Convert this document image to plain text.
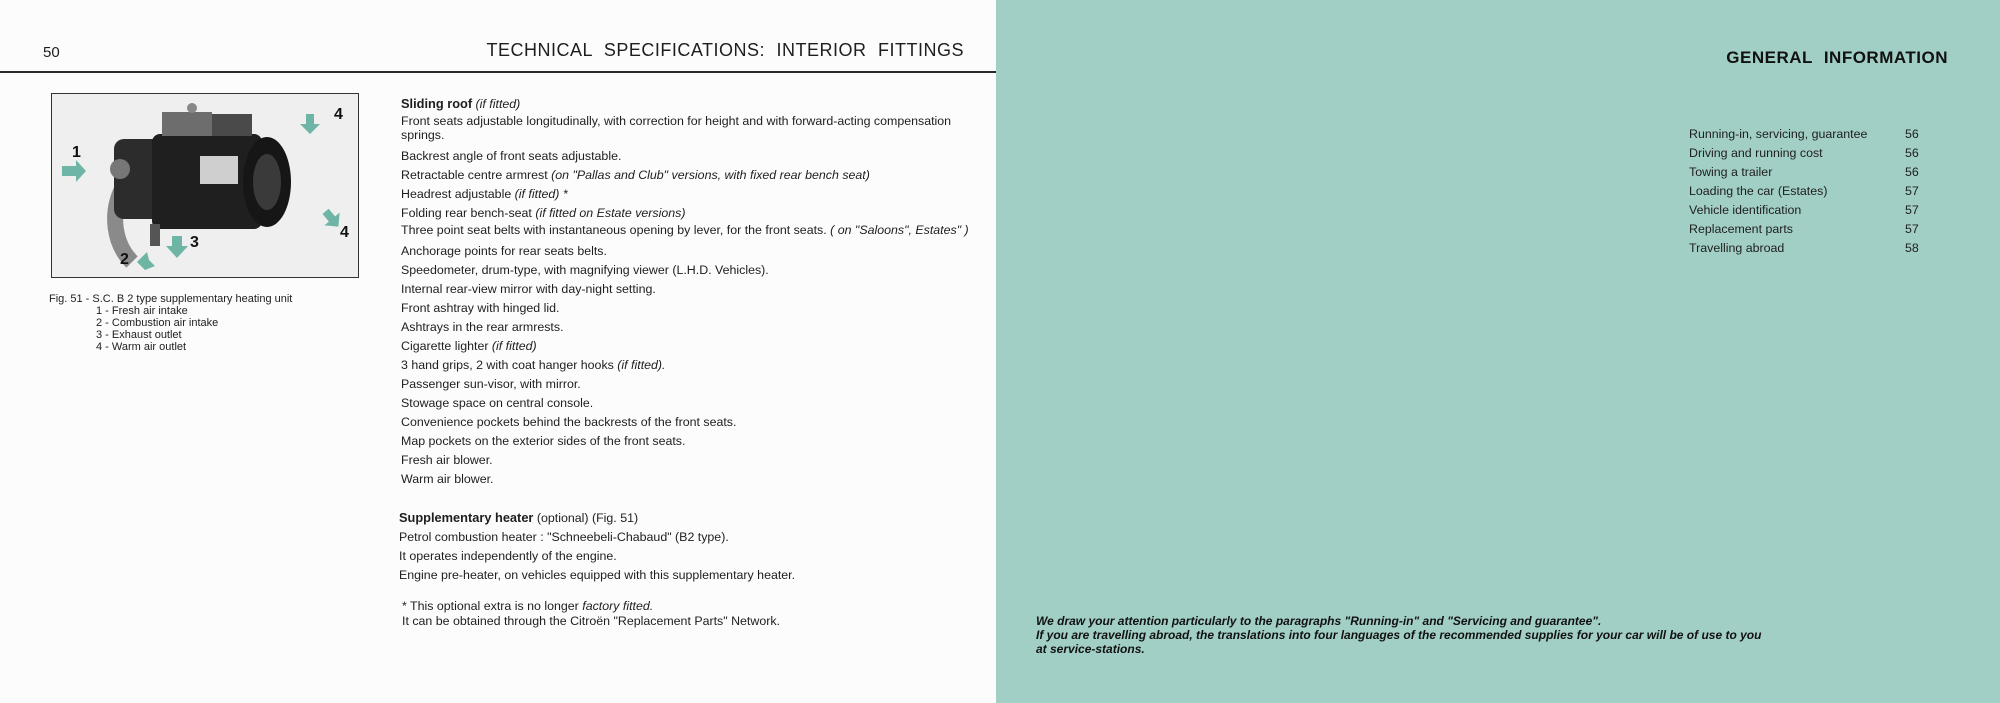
50	TECHNICAL SPECIFICATIONS: INTERIOR FITTINGS
1
2
3
4
4
Fig. 51 - S.C. B 2 type supplementary heating unit
1 - Fresh air intake
2 - Combustion air intake
3 - Exhaust outlet
4 - Warm air outlet
Sliding roof (if fitted)
Front seats adjustable longitudinally, with correction for height and with forward-acting compensation springs.
Backrest angle of front seats adjustable.
Retractable centre armrest (on "Pallas and Club" versions, with fixed rear bench seat)
Headrest adjustable (if fitted) *
Folding rear bench-seat (if fitted on Estate versions)
Three point seat belts with instantaneous opening by lever, for the front seats. ( on "Saloons", Estates" )
Anchorage points for rear seats belts.
Speedometer, drum-type, with magnifying viewer (L.H.D. Vehicles).
Internal rear-view mirror with day-night setting.
Front ashtray with hinged lid.
Ashtrays in the rear armrests.
Cigarette lighter (if fitted)
3 hand grips, 2 with coat hanger hooks (if fitted).
Passenger sun-visor, with mirror.
Stowage space on central console.
Convenience pockets behind the backrests of the front seats.
Map pockets on the exterior sides of the front seats.
Fresh air blower.
Warm air blower.
Supplementary heater (optional) (Fig. 51)
Petrol combustion heater : "Schneebeli-Chabaud" (B2 type).
It operates independently of the engine.
Engine pre-heater, on vehicles equipped with this supplementary heater.
* This optional extra is no longer factory fitted.
It can be obtained through the Citroën "Replacement Parts" Network.
GENERAL INFORMATION
Running-in, servicing, guarantee	56
Driving and running cost	56
Towing a trailer	56
Loading the car (Estates)	57
Vehicle identification	57
Replacement parts	57
Travelling abroad	58
We draw your attention particularly to the paragraphs "Running-in" and "Servicing and guarantee".
If you are travelling abroad, the translations into four languages of the recommended supplies for your car will be of use to you
at service-stations.
